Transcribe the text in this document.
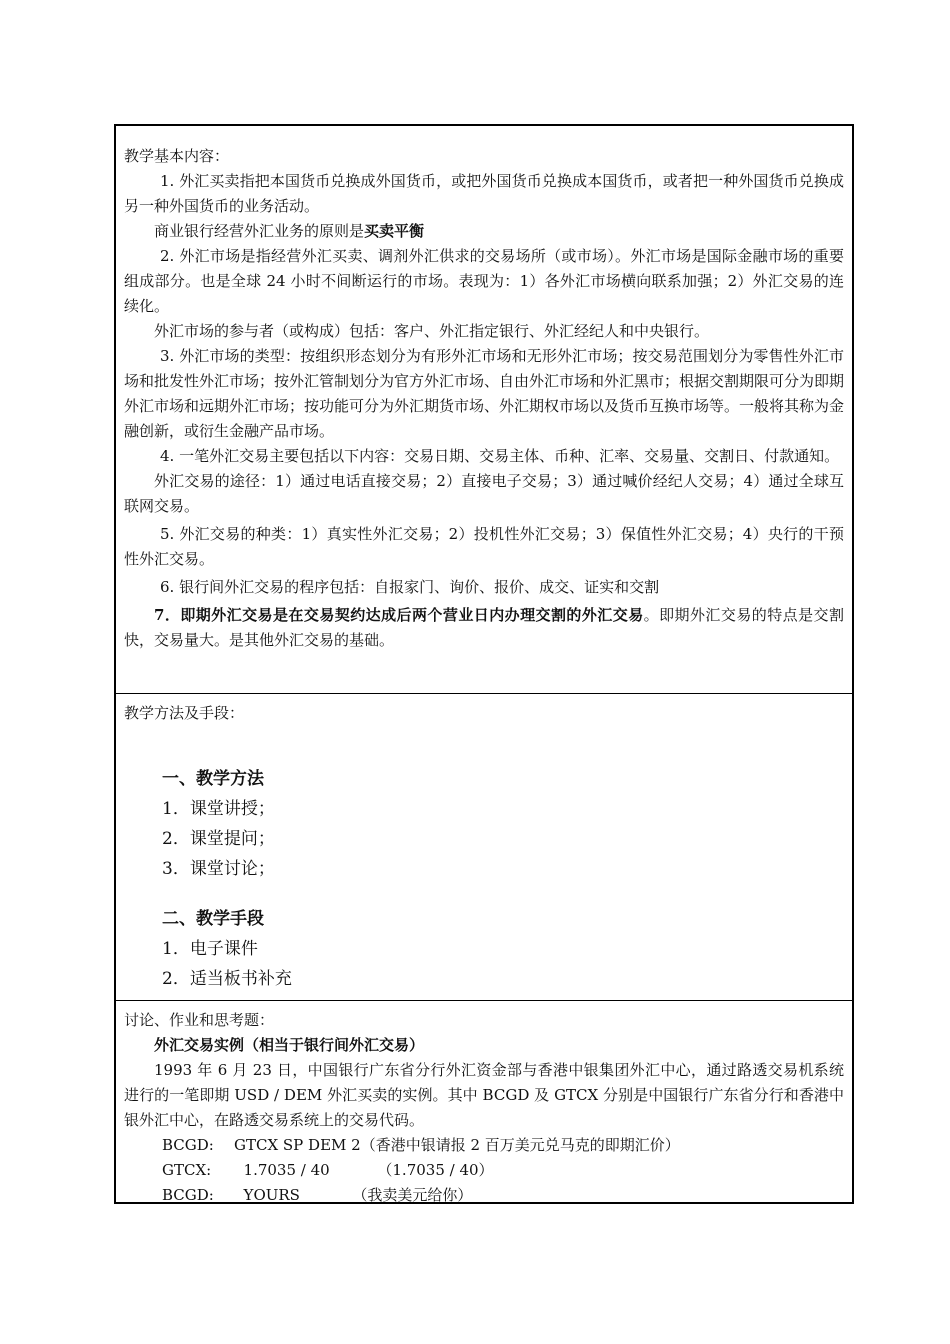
教学基本内容：

1. 外汇买卖指把本国货币兑换成外国货币，或把外国货币兑换成本国货币，或者把一种外国货币兑换成另一种外国货币的业务活动。

商业银行经营外汇业务的原则是买卖平衡

2. 外汇市场是指经营外汇买卖、调剂外汇供求的交易场所（或市场）。外汇市场是国际金融市场的重要组成部分。也是全球 24 小时不间断运行的市场。表现为：1）各外汇市场横向联系加强；2）外汇交易的连续化。

外汇市场的参与者（或构成）包括：客户、外汇指定银行、外汇经纪人和中央银行。

3. 外汇市场的类型：按组织形态划分为有形外汇市场和无形外汇市场；按交易范围划分为零售性外汇市场和批发性外汇市场；按外汇管制划分为官方外汇市场、自由外汇市场和外汇黑市；根据交割期限可分为即期外汇市场和远期外汇市场；按功能可分为外汇期货市场、外汇期权市场以及货币互换市场等。一般将其称为金融创新，或衍生金融产品市场。

4. 一笔外汇交易主要包括以下内容：交易日期、交易主体、币种、汇率、交易量、交割日、付款通知。

外汇交易的途径：1）通过电话直接交易；2）直接电子交易；3）通过喊价经纪人交易；4）通过全球互联网交易。

5. 外汇交易的种类：1）真实性外汇交易；2）投机性外汇交易；3）保值性外汇交易；4）央行的干预性外汇交易。

6. 银行间外汇交易的程序包括：自报家门、询价、报价、成交、证实和交割

7．即期外汇交易是在交易契约达成后两个营业日内办理交割的外汇交易。即期外汇交易的特点是交割快，交易量大。是其他外汇交易的基础。

教学方法及手段：
一、教学方法
1．课堂讲授；
2．课堂提问；
3．课堂讨论；
二、教学手段
1．电子课件
2．适当板书补充
讨论、作业和思考题：

外汇交易实例（相当于银行间外汇交易）

1993 年 6 月 23 日，中国银行广东省分行外汇资金部与香港中银集团外汇中心，通过路透交易机系统进行的一笔即期 USD / DEM 外汇买卖的实例。其中 BCGD 及 GTCX 分别是中国银行广东省分行和香港中银外汇中心，在路透交易系统上的交易代码。

BCGD: GTCX SP DEM 2（香港中银请报 2 百万美元兑马克的即期汇价）
GTCX:  1.7035 / 40          （1.7035 / 40）
BCGD:  YOURS           （我卖美元给你）
